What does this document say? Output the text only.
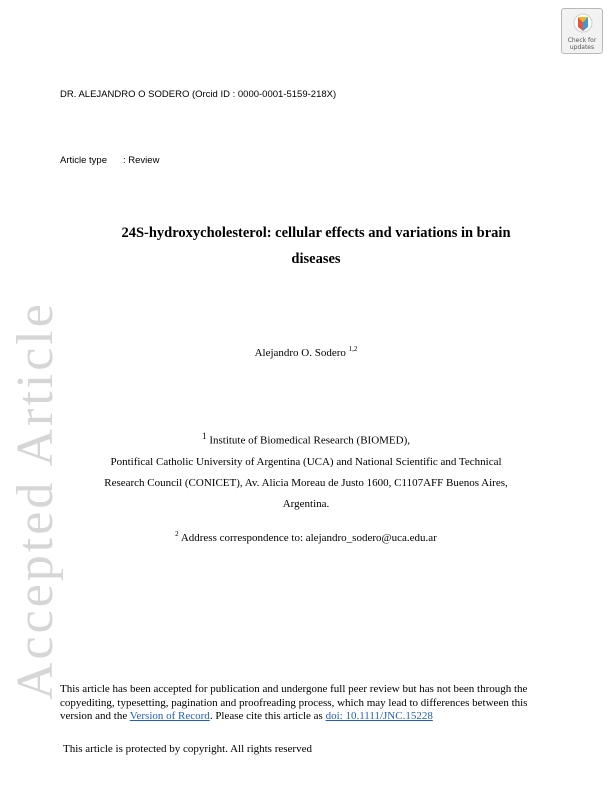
Accepted Article
Check for
updates
DR. ALEJANDRO O SODERO (Orcid ID : 0000-0001-5159-218X)
Article type : Review
24S-hydroxycholesterol: cellular effects and variations in brain
diseases
Alejandro O. Sodero $^{1,2}$
$^1$ Institute of Biomedical Research (BIOMED),
Pontifical Catholic University of Argentina (UCA) and National Scientific and Technical
Research Council (CONICET), Av. Alicia Moreau de Justo 1600, C1107AFF Buenos Aires,
Argentina.
$^2$ Address correspondence to: alejandro_sodero@uca.edu.ar
This article has been accepted for publication and undergone full peer review but has not been through the copyediting, typesetting, pagination and proofreading process, which may lead to differences between this version and the Version of Record. Please cite this article as doi: 10.1111/JNC.15228
This article is protected by copyright. All rights reserved
